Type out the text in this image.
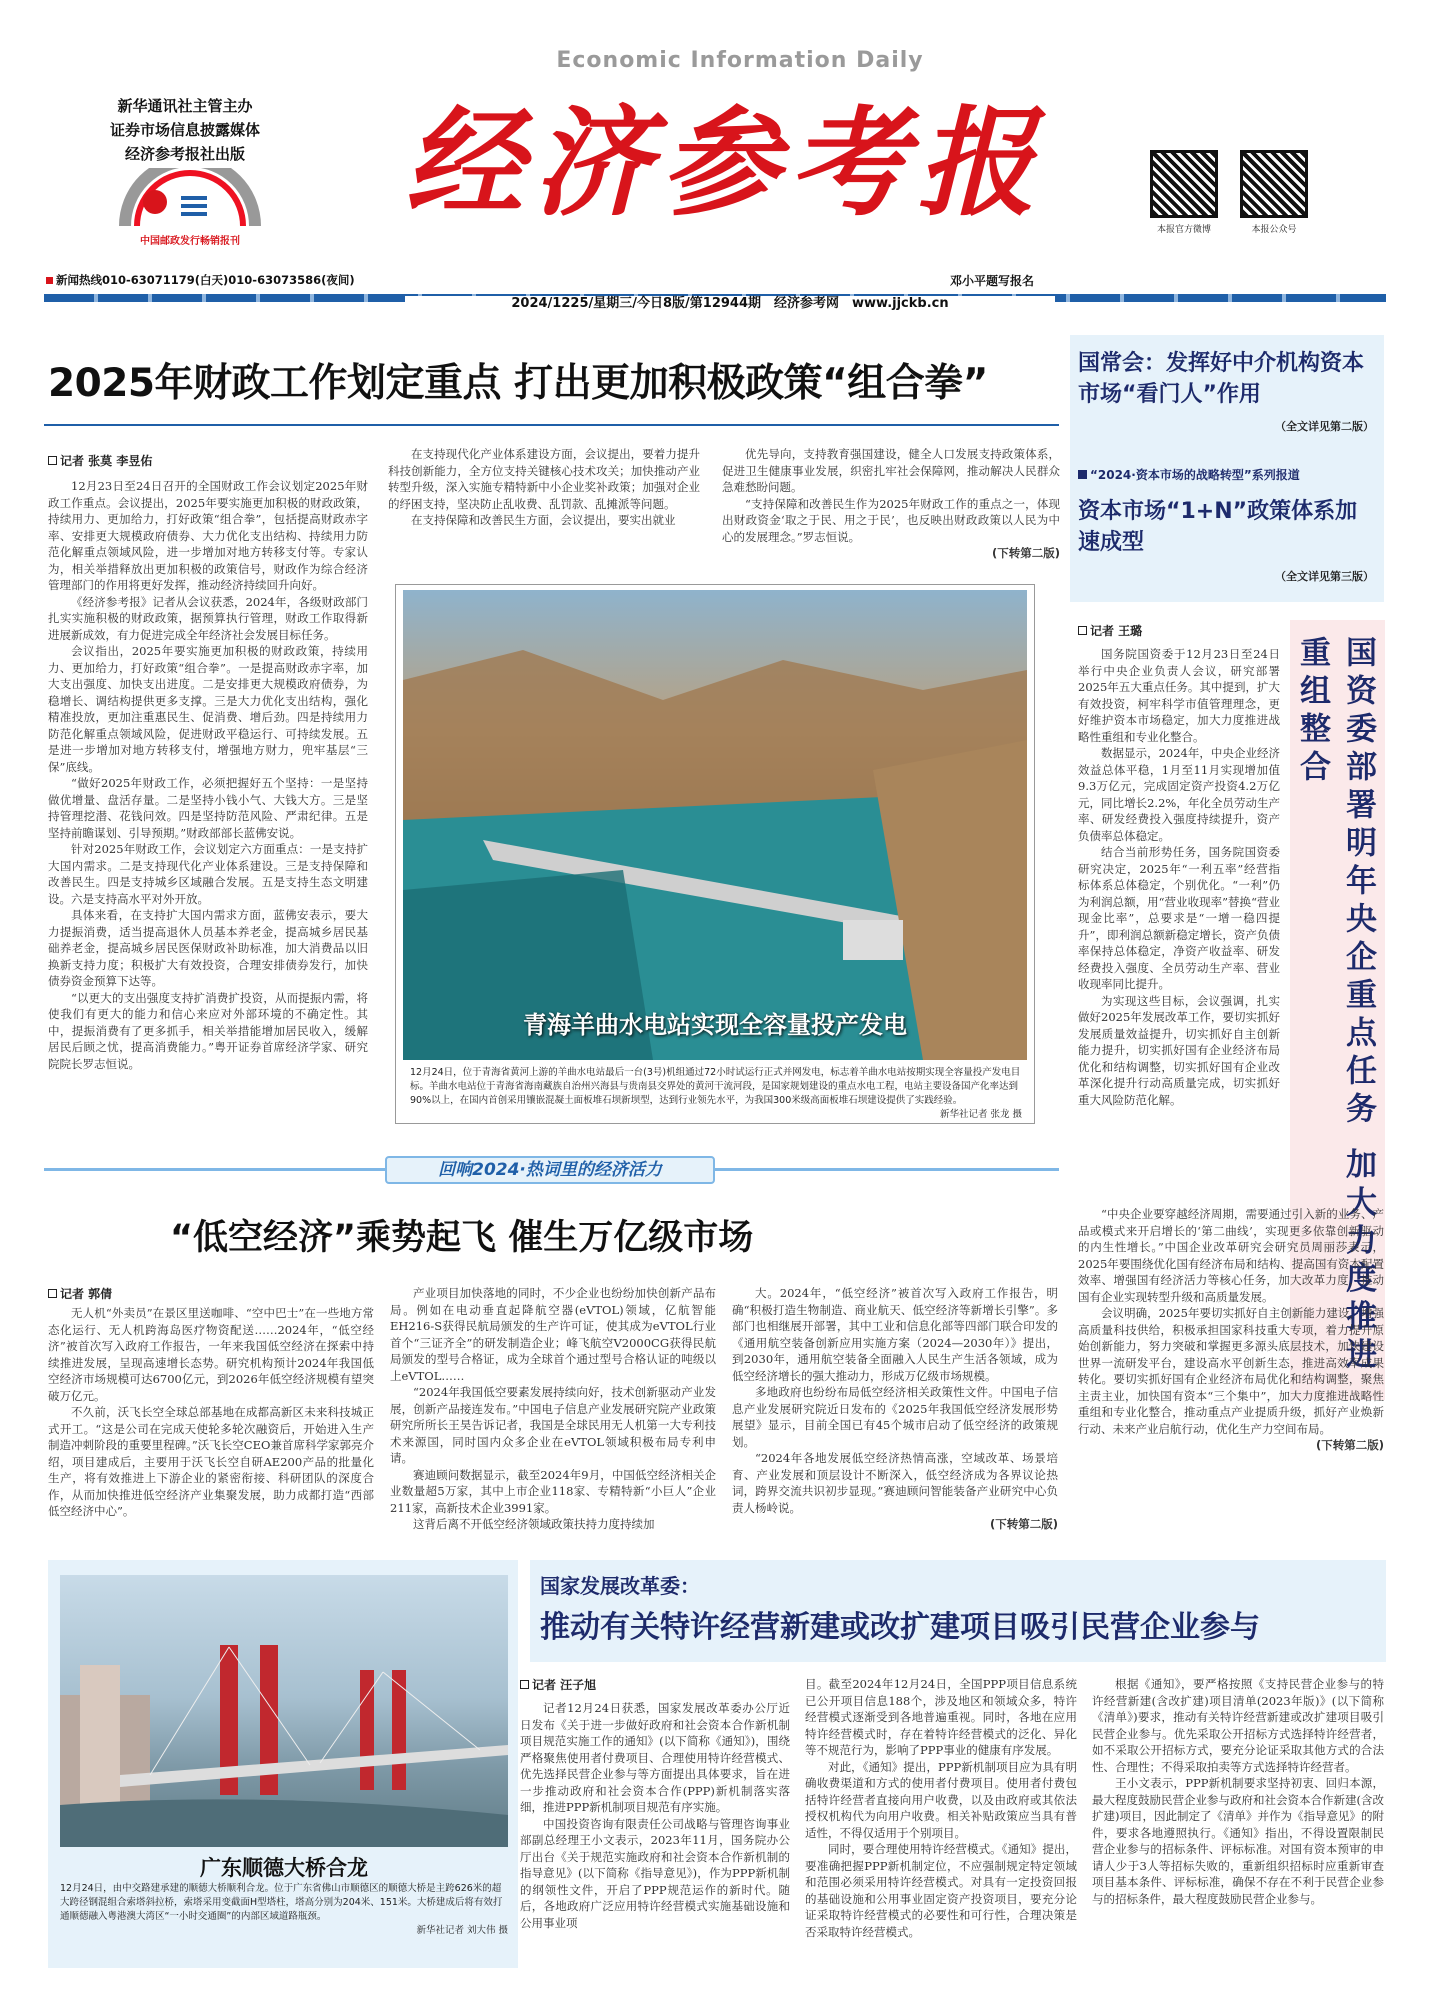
Economic Information Daily
新华通讯社主管主办
证券市场信息披露媒体
经济参考报社出版
中国邮政发行畅销报刊
经济参考报
邓小平题写报名
本报官方微博	本报公众号
新闻热线010-63071179(白天)010-63073586(夜间)
2024/1225/星期三/今日8版/第12944期　经济参考网　www.jjckb.cn
2025年财政工作划定重点 打出更加积极政策“组合拳”
记者 张莫 李昱佑

12月23日至24日召开的全国财政工作会议划定2025年财政工作重点。会议提出，2025年要实施更加积极的财政政策，持续用力、更加给力，打好政策“组合拳”，包括提高财政赤字率、安排更大规模政府债券、大力优化支出结构、持续用力防范化解重点领域风险，进一步增加对地方转移支付等。专家认为，相关举措释放出更加积极的政策信号，财政作为综合经济管理部门的作用将更好发挥，推动经济持续回升向好。

《经济参考报》记者从会议获悉，2024年，各级财政部门扎实实施积极的财政政策，据预算执行管理，财政工作取得新进展新成效，有力促进完成全年经济社会发展目标任务。

会议指出，2025年要实施更加积极的财政政策，持续用力、更加给力，打好政策“组合拳”。一是提高财政赤字率，加大支出强度、加快支出进度。二是安排更大规模政府债券，为稳增长、调结构提供更多支撑。三是大力优化支出结构，强化精准投放，更加注重惠民生、促消费、增后劲。四是持续用力防范化解重点领域风险，促进财政平稳运行、可持续发展。五是进一步增加对地方转移支付，增强地方财力，兜牢基层“三保”底线。

“做好2025年财政工作，必须把握好五个坚持：一是坚持做优增量、盘活存量。二是坚持小钱小气、大钱大方。三是坚持管理挖潜、花钱问效。四是坚持防范风险、严肃纪律。五是坚持前瞻谋划、引导预期。”财政部部长蓝佛安说。

针对2025年财政工作，会议划定六方面重点：一是支持扩大国内需求。二是支持现代化产业体系建设。三是支持保障和改善民生。四是支持城乡区域融合发展。五是支持生态文明建设。六是支持高水平对外开放。

具体来看，在支持扩大国内需求方面，蓝佛安表示，要大力提振消费，适当提高退休人员基本养老金，提高城乡居民基础养老金，提高城乡居民医保财政补助标准，加大消费品以旧换新支持力度；积极扩大有效投资，合理安排债券发行，加快债券资金预算下达等。

“以更大的支出强度支持扩消费扩投资，从而提振内需，将使我们有更大的能力和信心来应对外部环境的不确定性。其中，提振消费有了更多抓手，相关举措能增加居民收入，缓解居民后顾之忧，提高消费能力。”粤开证券首席经济学家、研究院院长罗志恒说。

在支持现代化产业体系建设方面，会议提出，要着力提升科技创新能力，全方位支持关键核心技术攻关；加快推动产业转型升级，深入实施专精特新中小企业奖补政策；加强对企业的纾困支持，坚决防止乱收费、乱罚款、乱摊派等问题。

在支持保障和改善民生方面，会议提出，要实出就业

优先导向，支持教育强国建设，健全人口发展支持政策体系，促进卫生健康事业发展，织密扎牢社会保障网，推动解决人民群众急难愁盼问题。

“支持保障和改善民生作为2025年财政工作的重点之一，体现出财政资金‘取之于民、用之于民’，也反映出财政政策以人民为中心的发展理念。”罗志恒说。

(下转第二版)
青海羊曲水电站实现全容量投产发电
12月24日，位于青海省黄河上游的羊曲水电站最后一台(3号)机组通过72小时试运行正式并网发电，标志着羊曲水电站按期实现全容量投产发电目标。羊曲水电站位于青海省海南藏族自治州兴海县与贵南县交界处的黄河干流河段，是国家规划建设的重点水电工程，电站主要设备国产化率达到90%以上，在国内首创采用镶嵌混凝土面板堆石坝新坝型，达到行业领先水平，为我国300米级高面板堆石坝建设提供了实践经验。
新华社记者 张龙 摄
国常会：发挥好中介机构资本市场“看门人”作用
（全文详见第二版）
“2024·资本市场的战略转型”系列报道
资本市场“1+N”政策体系加速成型
（全文详见第三版）
记者 王璐
国资委部署明年央企重点任务 加大力度推进重组整合

国务院国资委于12月23日至24日举行中央企业负责人会议，研究部署2025年五大重点任务。其中提到，扩大有效投资，柯牢科学市值管理理念，更好维护资本市场稳定，加大力度推进战略性重组和专业化整合。

数据显示，2024年，中央企业经济效益总体平稳，1月至11月实现增加值9.3万亿元，完成固定资产投资4.2万亿元，同比增长2.2%，年化全员劳动生产率、研发经费投入强度持续提升，资产负债率总体稳定。

结合当前形势任务，国务院国资委研究决定，2025年“一利五率”经营指标体系总体稳定，个别优化。“一利”仍为利润总额，用“营业收现率”替换“营业现金比率”，总要求是“一增一稳四提升”，即利润总额新稳定增长，资产负债率保持总体稳定，净资产收益率、研发经费投入强度、全员劳动生产率、营业收现率同比提升。

为实现这些目标，会议强调，扎实做好2025年发展改革工作，要切实抓好发展质量效益提升，切实抓好自主创新能力提升，切实抓好国有企业经济布局优化和结构调整，切实抓好国有企业改革深化提升行动高质量完成，切实抓好重大风险防范化解。

“中央企业要穿越经济周期，需要通过引入新的业务、产品或模式来开启增长的‘第二曲线’，实现更多依靠创新驱动的内生性增长。”中国企业改革研究会研究员周丽莎表示，2025年要围绕优化国有经济布局和结构、提高国有资本配置效率、增强国有经济活力等核心任务，加大改革力度，推动国有企业实现转型升级和高质量发展。

会议明确，2025年要切实抓好自主创新能力建设，增强高质量科技供给，积极承担国家科技重大专项，着力提升原始创新能力，努力突破和掌握更多源头底层技术，加快建设世界一流研发平台，建设高水平创新生态，推进高效率成果转化。要切实抓好国有企业经济布局优化和结构调整，聚焦主责主业，加快国有资本“三个集中”，加大力度推进战略性重组和专业化整合，推动重点产业提质升级，抓好产业焕新行动、未来产业启航行动，优化生产力空间布局。

(下转第二版)
回响2024·热词里的经济活力
“低空经济”乘势起飞 催生万亿级市场
记者 郭倩

无人机“外卖员”在景区里送咖啡、“空中巴士”在一些地方常态化运行、无人机跨海岛医疗物资配送……2024年，“低空经济”被首次写入政府工作报告，一年来我国低空经济在探索中持续推进发展，呈现高速增长态势。研究机构预计2024年我国低空经济市场规模可达6700亿元，到2026年低空经济规模有望突破万亿元。

不久前，沃飞长空全球总部基地在成都高新区未来科技城正式开工。“这是公司在完成天使轮多轮次融资后，开始进入生产制造冲刺阶段的重要里程碑。”沃飞长空CEO兼首席科学家郭亮介绍，项目建成后，主要用于沃飞长空自研AE200产品的批量化生产，将有效推进上下游企业的紧密衔接、科研团队的深度合作，从而加快推进低空经济产业集聚发展，助力成都打造“西部低空经济中心”。

产业项目加快落地的同时，不少企业也纷纷加快创新产品布局。例如在电动垂直起降航空器(eVTOL)领域，亿航智能EH216-S获得民航局颁发的生产许可证，使其成为eVTOL行业首个“三证齐全”的研发制造企业；峰飞航空V2000CG获得民航局颁发的型号合格证，成为全球首个通过型号合格认证的吨级以上eVTOL……

“2024年我国低空要素发展持续向好，技术创新驱动产业发展，创新产品接连发布。”中国电子信息产业发展研究院产业政策研究所所长王昊告诉记者，我国是全球民用无人机第一大专利技术来源国，同时国内众多企业在eVTOL领域积极布局专利申请。

赛迪顾问数据显示，截至2024年9月，中国低空经济相关企业数量超5万家，其中上市企业118家、专精特新“小巨人”企业211家，高新技术企业3991家。

这背后离不开低空经济领域政策扶持力度持续加

大。2024年，“低空经济”被首次写入政府工作报告，明确“积极打造生物制造、商业航天、低空经济等新增长引擎”。多部门也相继展开部署，其中工业和信息化部等四部门联合印发的《通用航空装备创新应用实施方案（2024—2030年）》提出，到2030年，通用航空装备全面融入人民生产生活各领域，成为低空经济增长的强大推动力，形成万亿级市场规模。

多地政府也纷纷布局低空经济相关政策性文件。中国电子信息产业发展研究院近日发布的《2025年我国低空经济发展形势展望》显示，目前全国已有45个城市启动了低空经济的政策规划。

“2024年各地发展低空经济热情高涨，空域改革、场景培育、产业发展和顶层设计不断深入，低空经济成为各界议论热词，跨界交流共识初步显现。”赛迪顾问智能装备产业研究中心负责人杨岭说。

(下转第二版)
广东顺德大桥合龙
12月24日，由中交路建承建的顺德大桥顺利合龙。位于广东省佛山市顺德区的顺德大桥是主跨626米的超大跨径钢混组合索塔斜拉桥，索塔采用变截面H型塔柱，塔高分别为204米、151米。大桥建成后将有效打通顺德融入粤港澳大湾区“一小时交通圈”的内部区域道路瓶颈。
新华社记者 刘大伟 摄
国家发展改革委：
推动有关特许经营新建或改扩建项目吸引民营企业参与
记者 汪子旭

记者12月24日获悉，国家发展改革委办公厅近日发布《关于进一步做好政府和社会资本合作新机制项目规范实施工作的通知》(以下简称《通知》)，围绕严格聚焦使用者付费项目、合理使用特许经营模式、优先选择民营企业参与等方面提出具体要求，旨在进一步推动政府和社会资本合作(PPP)新机制落实落细，推进PPP新机制项目规范有序实施。

中国投资咨询有限责任公司战略与管理咨询事业部副总经理王小文表示，2023年11月，国务院办公厅出台《关于规范实施政府和社会资本合作新机制的指导意见》(以下简称《指导意见》)，作为PPP新机制的纲领性文件，开启了PPP规范运作的新时代。随后，各地政府广泛应用特许经营模式实施基础设施和公用事业项

目。截至2024年12月24日，全国PPP项目信息系统已公开项目信息188个，涉及地区和领域众多，特许经营模式逐渐受到各地普遍重视。同时，各地在应用特许经营模式时，存在着特许经营模式的泛化、异化等不规范行为，影响了PPP事业的健康有序发展。

对此，《通知》提出，PPP新机制项目应为具有明确收费渠道和方式的使用者付费项目。使用者付费包括特许经营者直接向用户收费，以及由政府或其依法授权机构代为向用户收费。相关补贴政策应当具有普适性，不得仅适用于个别项目。

同时，要合理使用特许经营模式。《通知》提出，要准确把握PPP新机制定位，不应强制规定特定领域和范围必须采用特许经营模式。对具有一定投资回报的基础设施和公用事业固定资产投资项目，要充分论证采取特许经营模式的必要性和可行性，合理决策是否采取特许经营模式。

根据《通知》，要严格按照《支持民营企业参与的特许经营新建(含改扩建)项目清单(2023年版)》(以下简称《清单》)要求，推动有关特许经营新建或改扩建项目吸引民营企业参与。优先采取公开招标方式选择特许经营者，如不采取公开招标方式，要充分论证采取其他方式的合法性、合理性；不得采取拍卖等方式选择特许经营者。

王小文表示，PPP新机制要求坚持初衷、回归本源，最大程度鼓励民营企业参与政府和社会资本合作新建(含改扩建)项目，因此制定了《清单》并作为《指导意见》的附件，要求各地遵照执行。《通知》指出，不得设置限制民营企业参与的招标条件、评标标准。对国有资本预审的申请人少于3人等招标失败的，重新组织招标时应重新审查项目基本条件、评标标准，确保不存在不利于民营企业参与的招标条件，最大程度鼓励民营企业参与。
